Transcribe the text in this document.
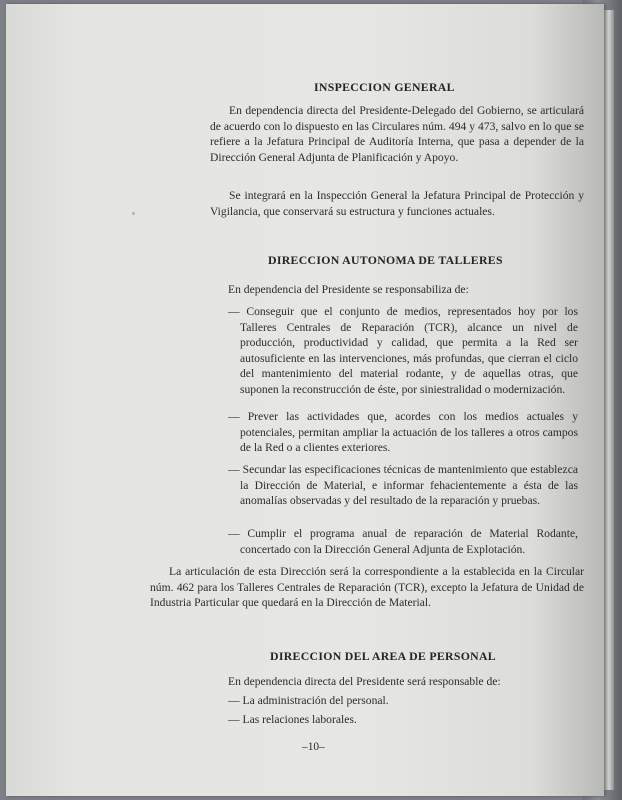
INSPECCION GENERAL

En dependencia directa del Presidente-Delegado del Gobierno, se articulará de acuerdo con lo dispuesto en las Circulares núm. 494 y 473, salvo en lo que se refiere a la Jefatura Principal de Auditoría Interna, que pasa a depender de la Dirección General Adjunta de Planificación y Apoyo.

Se integrará en la Inspección General la Jefatura Principal de Protección y Vigilancia, que conservará su estructura y funciones actuales.

DIRECCION AUTONOMA DE TALLERES
En dependencia del Presidente se responsabiliza de:

— Conseguir que el conjunto de medios, representados hoy por los Talleres Centrales de Reparación (TCR), alcance un nivel de producción, productividad y calidad, que permita a la Red ser autosuficiente en las intervenciones, más profundas, que cierran el ciclo del mantenimiento del material rodante, y de aquellas otras, que suponen la reconstrucción de éste, por siniestralidad o modernización.

— Prever las actividades que, acordes con los medios actuales y potenciales, permitan ampliar la actuación de los talleres a otros campos de la Red o a clientes exteriores.

— Secundar las especificaciones técnicas de mantenimiento que establezca la Dirección de Material, e informar fehacientemente a ésta de las anomalías observadas y del resultado de la reparación y pruebas.

— Cumplir el programa anual de reparación de Material Rodante, concertado con la Dirección General Adjunta de Explotación.

La articulación de esta Dirección será la correspondiente a la establecida en la Circular núm. 462 para los Talleres Centrales de Reparación (TCR), excepto la Jefatura de Unidad de Industria Particular que quedará en la Dirección de Material.

DIRECCION DEL AREA DE PERSONAL
En dependencia directa del Presidente será responsable de:
— La administración del personal.
— Las relaciones laborales.
–10–
